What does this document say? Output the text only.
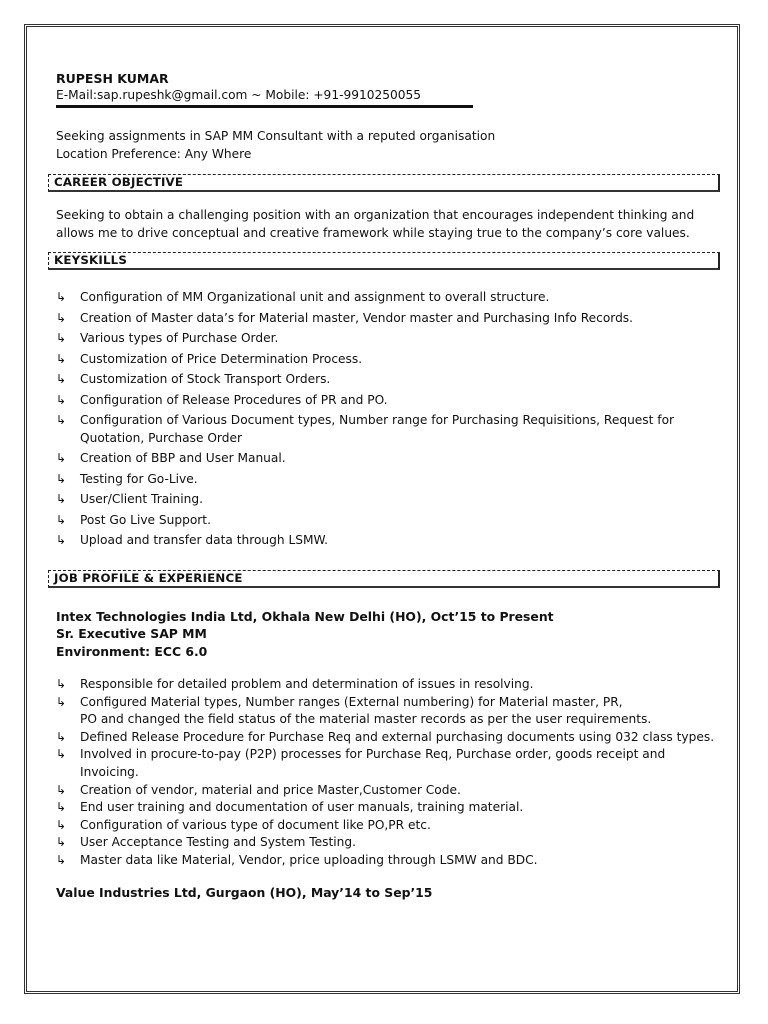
RUPESH KUMAR
E-Mail:sap.rupeshk@gmail.com ~ Mobile: +91-9910250055
Seeking assignments in SAP MM Consultant with a reputed organisation
Location Preference: Any Where
CAREER OBJECTIVE
Seeking to obtain a challenging position with an organization that encourages independent thinking and allows me to drive conceptual and creative framework while staying true to the company’s core values.
KEYSKILLS
↳ Configuration of MM Organizational unit and assignment to overall structure.
↳ Creation of Master data’s for Material master, Vendor master and Purchasing Info Records.
↳ Various types of Purchase Order.
↳ Customization of Price Determination Process.
↳ Customization of Stock Transport Orders.
↳ Configuration of Release Procedures of PR and PO.
↳ Configuration of Various Document types, Number range for Purchasing Requisitions, Request for Quotation, Purchase Order
↳ Creation of BBP and User Manual.
↳ Testing for Go-Live.
↳ User/Client Training.
↳ Post Go Live Support.
↳ Upload and transfer data through LSMW.
JOB PROFILE & EXPERIENCE
Intex Technologies India Ltd, Okhala New Delhi (HO), Oct’15 to Present
Sr. Executive SAP MM
Environment: ECC 6.0
↳ Responsible for detailed problem and determination of issues in resolving.
↳ Configured Material types, Number ranges (External numbering) for Material master, PR,
PO and changed the field status of the material master records as per the user requirements.
↳ Defined Release Procedure for Purchase Req and external purchasing documents using 032 class types.
↳ Involved in procure-to-pay (P2P) processes for Purchase Req, Purchase order, goods receipt and Invoicing.
↳ Creation of vendor, material and price Master,Customer Code.
↳ End user training and documentation of user manuals, training material.
↳ Configuration of various type of document like PO,PR etc.
↳ User Acceptance Testing and System Testing.
↳ Master data like Material, Vendor, price uploading through LSMW and BDC.
Value Industries Ltd, Gurgaon (HO), May’14 to Sep’15
